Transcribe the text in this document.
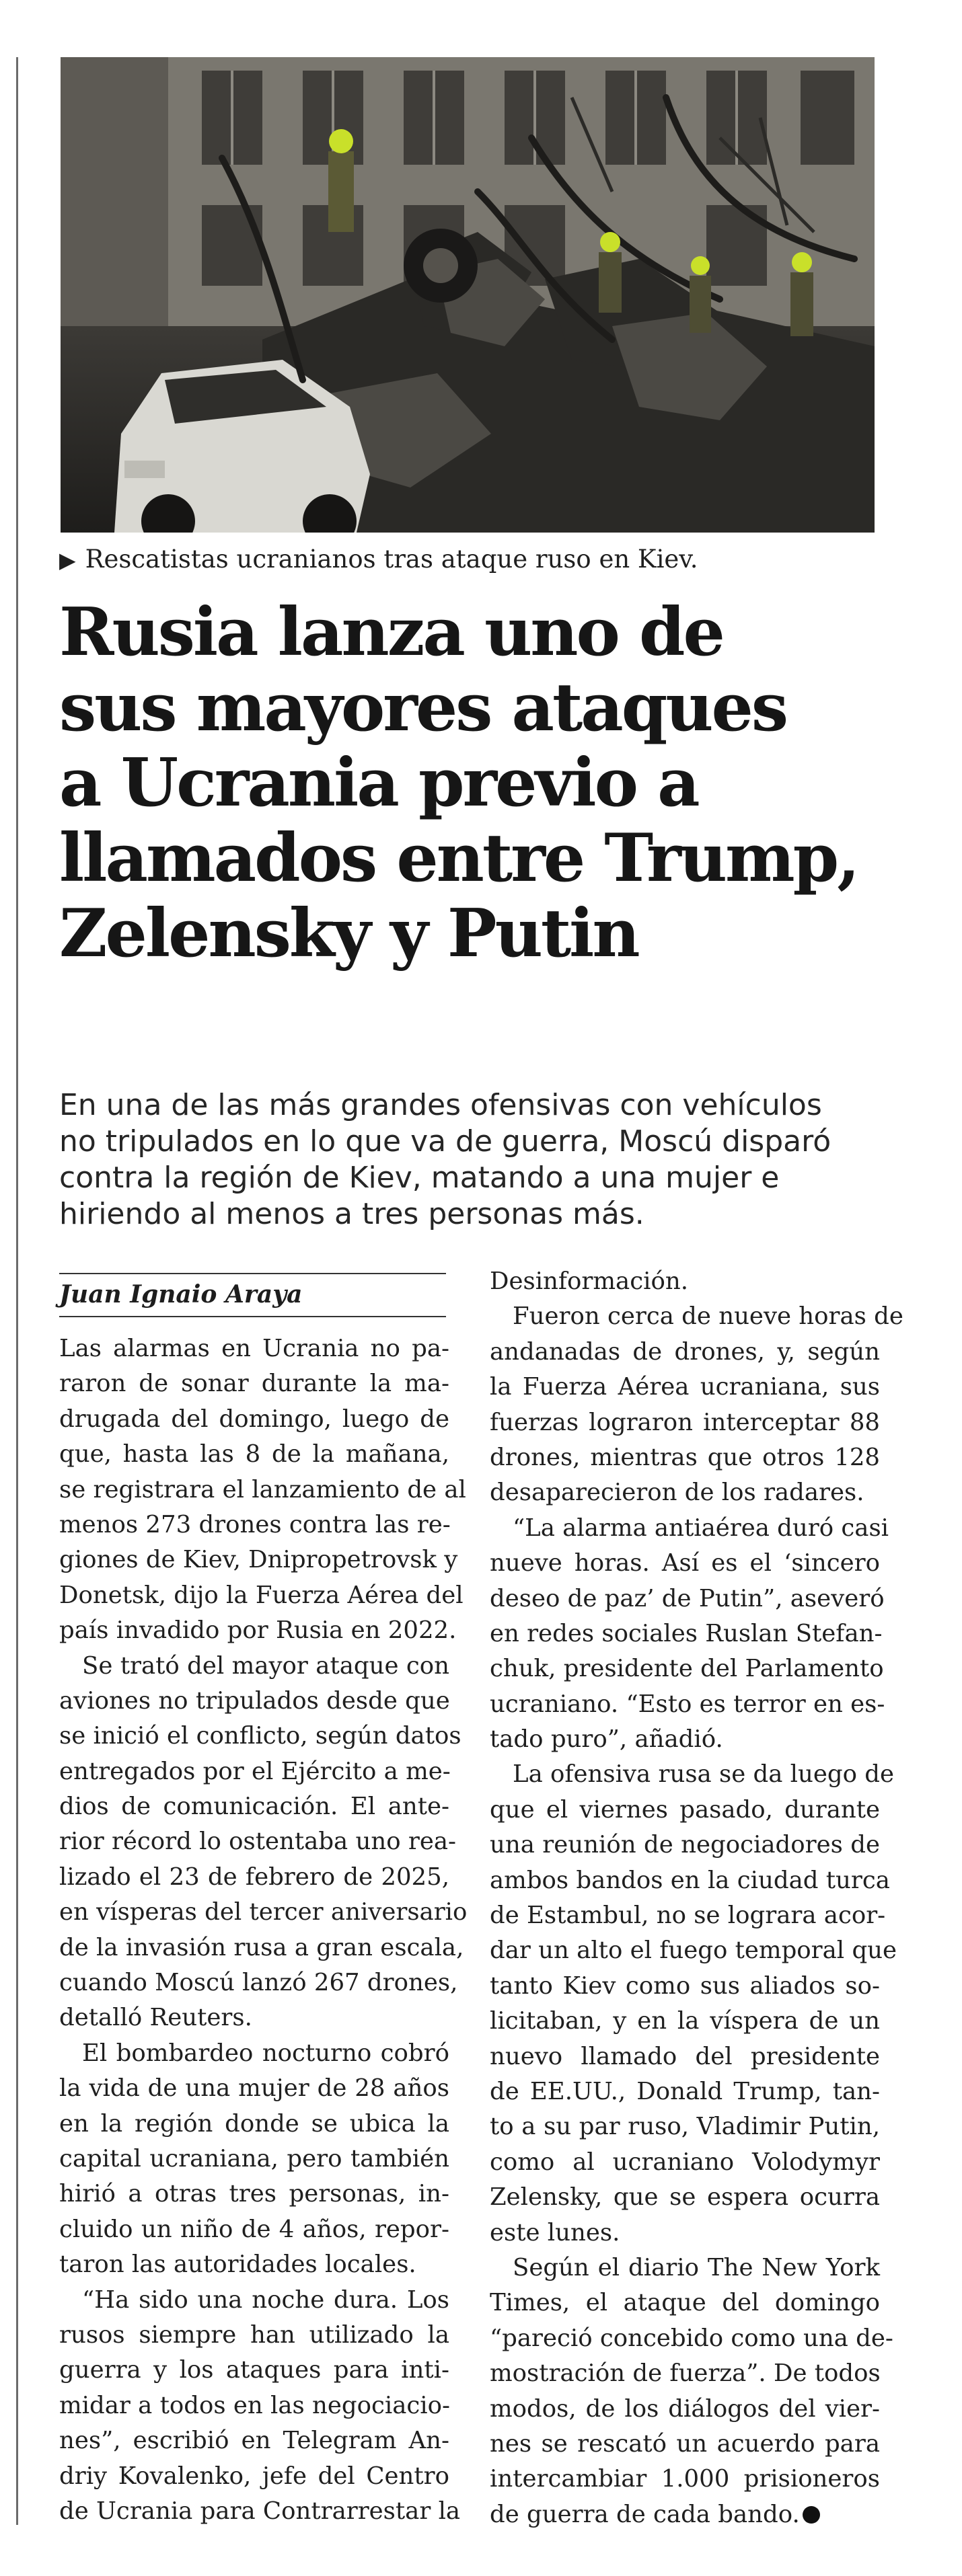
▶ Rescatistas ucranianos tras ataque ruso en Kiev.
Rusia lanza uno de
sus mayores ataques
a Ucrania previo a
llamados entre Trump,
Zelensky y Putin

En una de las más grandes ofensivas con vehículos
no tripulados en lo que va de guerra, Moscú disparó
contra la región de Kiev, matando a una mujer e
hiriendo al menos a tres personas más.

Juan Ignaio Araya
Las alarmas en Ucrania no pa-
raron de sonar durante la ma-
drugada del domingo, luego de
que, hasta las 8 de la mañana,
se registrara el lanzamiento de al
menos 273 drones contra las re-
giones de Kiev, Dnipropetrovsk y
Donetsk, dijo la Fuerza Aérea del
país invadido por Rusia en 2022.
Se trató del mayor ataque con
aviones no tripulados desde que
se inició el conflicto, según datos
entregados por el Ejército a me-
dios de comunicación. El ante-
rior récord lo ostentaba uno rea-
lizado el 23 de febrero de 2025,
en vísperas del tercer aniversario
de la invasión rusa a gran escala,
cuando Moscú lanzó 267 drones,
detalló Reuters.
El bombardeo nocturno cobró
la vida de una mujer de 28 años
en la región donde se ubica la
capital ucraniana, pero también
hirió a otras tres personas, in-
cluido un niño de 4 años, repor-
taron las autoridades locales.
“Ha sido una noche dura. Los
rusos siempre han utilizado la
guerra y los ataques para inti-
midar a todos en las negociacio-
nes”, escribió en Telegram An-
driy Kovalenko, jefe del Centro
de Ucrania para Contrarrestar la
Desinformación.
Fueron cerca de nueve horas de
andanadas de drones, y, según
la Fuerza Aérea ucraniana, sus
fuerzas lograron interceptar 88
drones, mientras que otros 128
desaparecieron de los radares.
“La alarma antiaérea duró casi
nueve horas. Así es el ‘sincero
deseo de paz’ de Putin”, aseveró
en redes sociales Ruslan Stefan-
chuk, presidente del Parlamento
ucraniano. “Esto es terror en es-
tado puro”, añadió.
La ofensiva rusa se da luego de
que el viernes pasado, durante
una reunión de negociadores de
ambos bandos en la ciudad turca
de Estambul, no se lograra acor-
dar un alto el fuego temporal que
tanto Kiev como sus aliados so-
licitaban, y en la víspera de un
nuevo llamado del presidente
de EE.UU., Donald Trump, tan-
to a su par ruso, Vladimir Putin,
como al ucraniano Volodymyr
Zelensky, que se espera ocurra
este lunes.
Según el diario The New York
Times, el ataque del domingo
“pareció concebido como una de-
mostración de fuerza”. De todos
modos, de los diálogos del vier-
nes se rescató un acuerdo para
intercambiar 1.000 prisioneros
de guerra de cada bando.
